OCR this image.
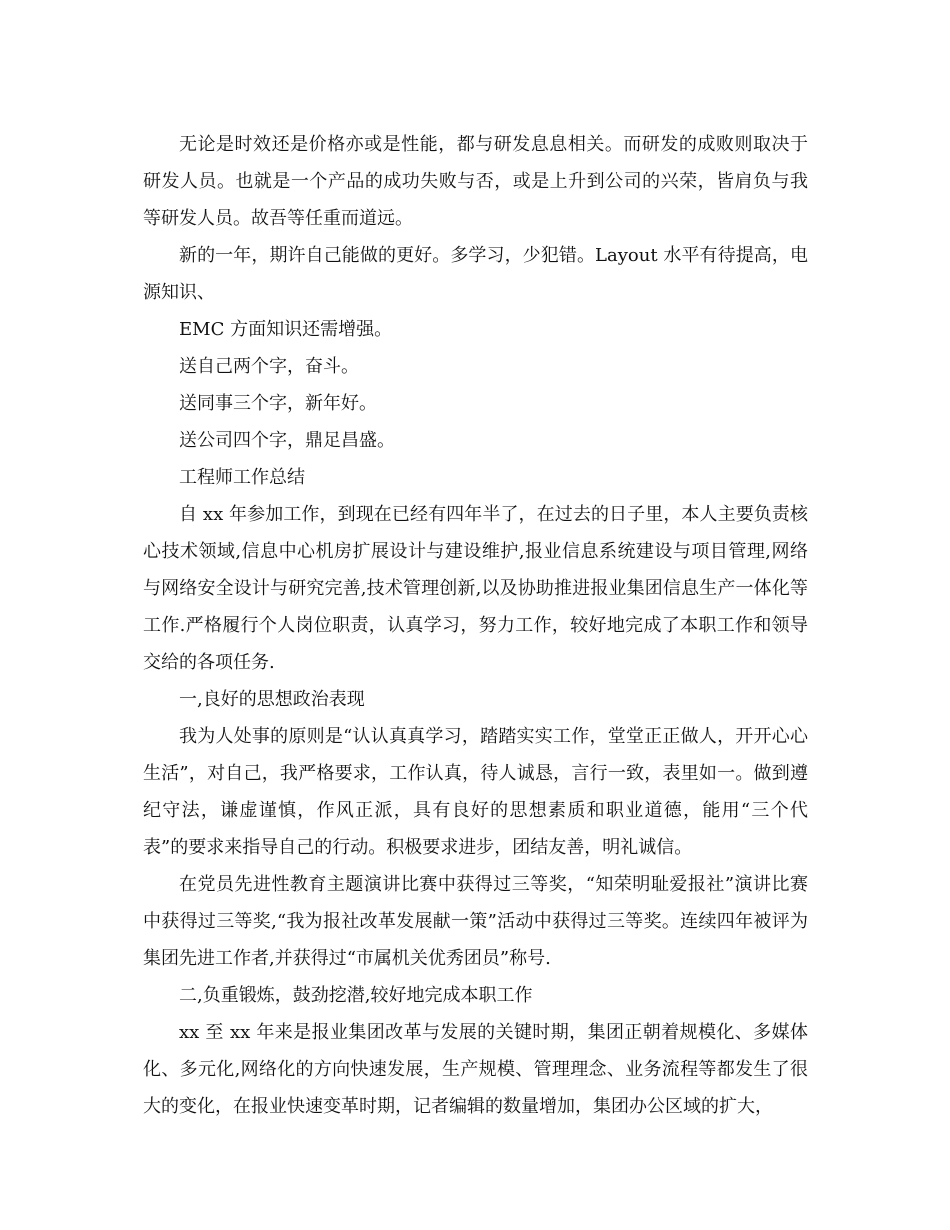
无论是时效还是价格亦或是性能，都与研发息息相关。而研发的成败则取决于研发人员。也就是一个产品的成功失败与否，或是上升到公司的兴荣，皆肩负与我等研发人员。故吾等任重而道远。

新的一年，期许自己能做的更好。多学习，少犯错。Layout 水平有待提高，电源知识、

EMC 方面知识还需增强。

送自己两个字，奋斗。

送同事三个字，新年好。

送公司四个字，鼎足昌盛。

工程师工作总结

自 xx 年参加工作，到现在已经有四年半了，在过去的日子里，本人主要负责核心技术领域,信息中心机房扩展设计与建设维护,报业信息系统建设与项目管理,网络与网络安全设计与研究完善,技术管理创新,以及协助推进报业集团信息生产一体化等工作.严格履行个人岗位职责，认真学习，努力工作，较好地完成了本职工作和领导交给的各项任务.

一,良好的思想政治表现

我为人处事的原则是“认认真真学习，踏踏实实工作，堂堂正正做人，开开心心生活”，对自己，我严格要求，工作认真，待人诚恳，言行一致，表里如一。做到遵纪守法，谦虚谨慎，作风正派，具有良好的思想素质和职业道德，能用“三个代表”的要求来指导自己的行动。积极要求进步，团结友善，明礼诚信。

在党员先进性教育主题演讲比赛中获得过三等奖，“知荣明耻爱报社”演讲比赛中获得过三等奖,“我为报社改革发展献一策”活动中获得过三等奖。连续四年被评为集团先进工作者,并获得过“市属机关优秀团员”称号.

二,负重锻炼，鼓劲挖潜,较好地完成本职工作

xx 至 xx 年来是报业集团改革与发展的关键时期，集团正朝着规模化、多媒体化、多元化,网络化的方向快速发展，生产规模、管理理念、业务流程等都发生了很大的变化，在报业快速变革时期，记者编辑的数量增加，集团办公区域的扩大，
